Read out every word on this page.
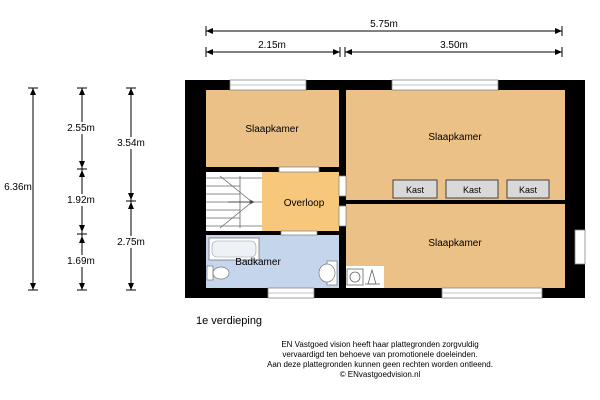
5.75m
2.15m	3.50m
6.36m
2.55m
1.92m
1.69m
3.54m
2.75m
Slaapkamer
Slaapkamer
Overloop
Badkamer
Slaapkamer
Kast	Kast	Kast
1e verdieping
EN Vastgoed vision heeft haar plattegronden zorgvuldig
vervaardigd ten behoeve van promotionele doeleinden.
Aan deze plattegronden kunnen geen rechten worden ontleend.
© ENvastgoedvision.nl
